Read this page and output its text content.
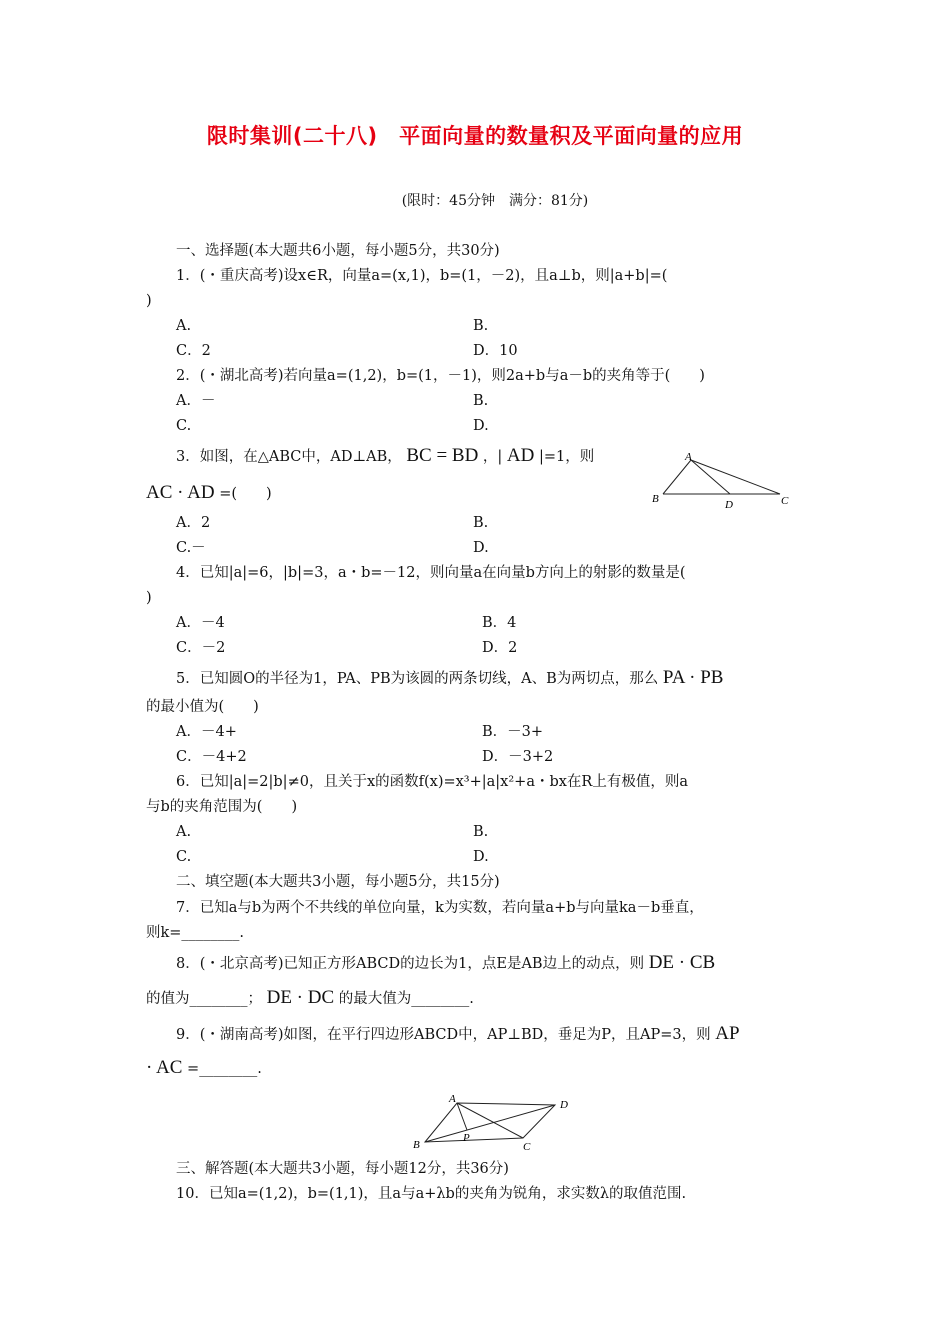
限时集训(二十八)　平面向量的数量积及平面向量的应用
(限时：45分钟　满分：81分)
一、选择题(本大题共6小题，每小题5分，共30分)
1．(・重庆高考)设x∈R，向量a=(x,1)，b=(1，－2)，且a⊥b，则|a+b|=(
)
A.	B.
C．2	D．10
2．(・湖北高考)若向量a=(1,2)，b=(1，－1)，则2a+b与a－b的夹角等于(　　)
A．－	B.
C.	D.
3．如图，在△ABC中，AD⊥AB， BC = BD ，| AD |=1，则
AC · AD =(　　)
A
B	D	C
A．2	B.
C.－	D.
4．已知|a|=6，|b|=3，a・b=－12，则向量a在向量b方向上的射影的数量是(
)
A．－4	B．4
C．－2	D．2
5．已知圆O的半径为1，PA、PB为该圆的两条切线，A、B为两切点，那么 PA · PB
的最小值为(　　)
A．－4+	B．－3+
C．－4+2	D．－3+2
6．已知|a|=2|b|≠0，且关于x的函数f(x)=x³+|a|x²+a・bx在R上有极值，则a
与b的夹角范围为(　　)
A.	B.
C.	D.
二、填空题(本大题共3小题，每小题5分，共15分)
7．已知a与b为两个不共线的单位向量，k为实数，若向量a+b与向量ka－b垂直，
则k=________.
8．(・北京高考)已知正方形ABCD的边长为1，点E是AB边上的动点，则 DE · CB
的值为________； DE · DC 的最大值为________.
9．(・湖南高考)如图，在平行四边形ABCD中，AP⊥BD，垂足为P，且AP=3，则 AP
· AC =________.
A	D
B
P
C
三、解答题(本大题共3小题，每小题12分，共36分)
10．已知a=(1,2)，b=(1,1)，且a与a+λb的夹角为锐角，求实数λ的取值范围.
